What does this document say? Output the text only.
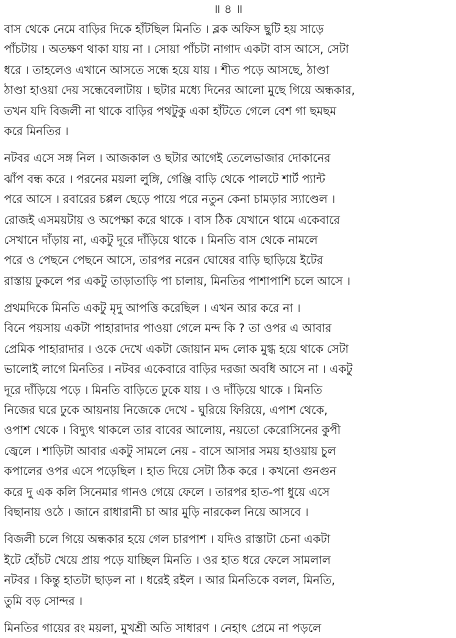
॥ ৪ ॥

বাস থেকে নেমে বাড়ির দিকে হাঁটছিল মিনতি । ব্লক অফিস ছুটি হয় সাড়ে
পাঁচটায় । অতক্ষণ থাকা যায় না । সোয়া পাঁচটা নাগাদ একটা বাস আসে, সেটা
ধরে । তাহলেও এখানে আসতে সন্ধে হয়ে যায় । শীত পড়ে আসছে, ঠাণ্ডা
ঠাণ্ডা হাওয়া দেয় সন্ধেবেলাটায় । ছটার মধ্যে দিনের আলো মুছে গিয়ে অন্ধকার,
তখন যদি বিজলী না থাকে বাড়ির পথটুকু একা হাঁটতে গেলে বেশ গা ছমছম
করে মিনতির ।

নটবর এসে সঙ্গ নিল । আজকাল ও ছটার আগেই তেলেভাজার দোকানের
ঝাঁপ বন্ধ করে । পরনের ময়লা লুঙ্গি, গেঞ্জি বাড়ি থেকে পালটে শার্ট প্যান্ট
পরে আসে । রবারের চপ্পল ছেড়ে পায়ে পরে নতুন কেনা চামড়ার স্যাণ্ডেল ।
রোজই এসময়টায় ও অপেক্ষা করে থাকে । বাস ঠিক যেখানে থামে একেবারে
সেখানে দাঁড়ায় না, একটু দূরে দাঁড়িয়ে থাকে । মিনতি বাস থেকে নামলে
পরে ও পেছনে পেছনে আসে, তারপর নরেন ঘোষের বাড়ি ছাড়িয়ে ইটের
রাস্তায় ঢুকলে পর একটু তাড়াতাড়ি পা চালায়, মিনতির পাশাপাশি চলে আসে ।

প্রথমদিকে মিনতি একটু মৃদু আপত্তি করেছিল । এখন আর করে না ।
বিনে পয়সায় একটা পাহারাদার পাওয়া গেলে মন্দ কি ? তা ওপর এ আবার
প্রেমিক পাহারাদার । ওকে দেখে একটা জোয়ান মদ্দ লোক মুগ্ধ হয়ে থাকে সেটা
ভালোই লাগে মিনতির । নটবর একেবারে বাড়ির দরজা অবধি আসে না । একটু
দূরে দাঁড়িয়ে পড়ে । মিনতি বাড়িতে ঢুকে যায় । ও দাঁড়িয়ে থাকে । মিনতি
নিজের ঘরে ঢুকে আয়নায় নিজেকে দেখে - ঘুরিয়ে ফিরিয়ে, এপাশ থেকে,
ওপাশ থেকে । বিদ্যুৎ থাকলে তার বাবের আলোয়, নয়তো কেরোসিনের কুপী
জ্বেলে । শাড়িটা আবার একটু সামলে নেয় - বাসে আসার সময় হাওয়ায় চুল
কপালের ওপর এসে পড়েছিল । হাত দিয়ে সেটা ঠিক করে । কখনো গুনগুন
করে দু এক কলি সিনেমার গানও গেয়ে ফেলে । তারপর হাত-পা ধুয়ে এসে
বিছানায় ওঠে । জানে রাধারানী চা আর মুড়ি নারকেল নিয়ে আসবে ।

বিজলী চলে গিয়ে অন্ধকার হয়ে গেল চারপাশ । যদিও রাস্তাটা চেনা একটা
ইটে হোঁচট খেয়ে প্রায় পড়ে যাচ্ছিল মিনতি । ওর হাত ধরে ফেলে সামলাল
নটবর । কিন্তু হাতটা ছাড়ল না । ধরেই রইল । আর মিনতিকে বলল, মিনতি,
তুমি বড় সোন্দর ।

মিনতির গায়ের রং ময়লা, মুখশ্রী অতি সাধারণ । নেহাৎ প্রেমে না পড়লে
